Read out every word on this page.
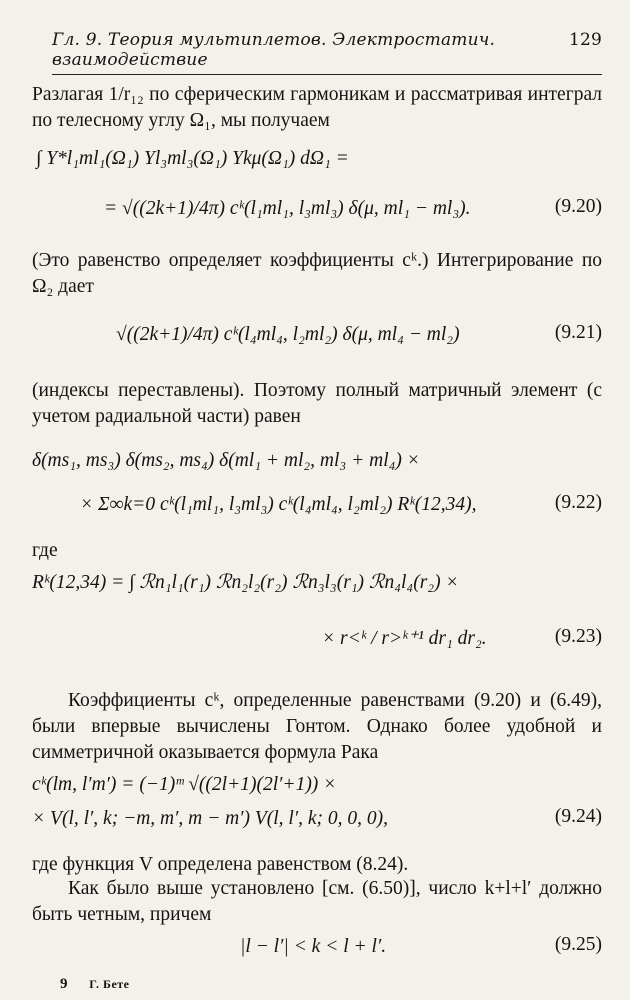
Гл. 9. Теория мультиплетов. Электростатич. взаимодействие
129
Разлагая 1/r₁₂ по сферическим гармоникам и рассматривая интеграл по телесному углу Ω₁, мы получаем
∫ Y*l₁ml₁(Ω₁) Yl₃ml₃(Ω₁) Ykμ(Ω₁) dΩ₁ =
= √((2k+1)/4π) cᵏ(l₁ml₁, l₃ml₃) δ(μ, ml₁ − ml₃).	(9.20)
(Это равенство определяет коэффициенты cᵏ.) Интегрирование по Ω₂ дает
√((2k+1)/4π) cᵏ(l₄ml₄, l₂ml₂) δ(μ, ml₄ − ml₂)	(9.21)
(индексы переставлены). Поэтому полный матричный элемент (с учетом радиальной части) равен
δ(ms₁, ms₃) δ(ms₂, ms₄) δ(ml₁ + ml₂, ml₃ + ml₄) ×
× Σ∞k=0 cᵏ(l₁ml₁, l₃ml₃) cᵏ(l₄ml₄, l₂ml₂) Rᵏ(12,34),	(9.22)
где
Rᵏ(12,34) = ∫ ℛn₁l₁(r₁) ℛn₂l₂(r₂) ℛn₃l₃(r₁) ℛn₄l₄(r₂) ×
× r<ᵏ / r>ᵏ⁺¹ dr₁ dr₂.	(9.23)
Коэффициенты cᵏ, определенные равенствами (9.20) и (6.49), были впервые вычислены Гонтом. Однако более удобной и симметричной оказывается формула Рака
cᵏ(lm, l′m′) = (−1)ᵐ √((2l+1)(2l′+1)) ×
× V(l, l′, k; −m, m′, m − m′) V(l, l′, k; 0, 0, 0),	(9.24)
где функция V определена равенством (8.24).
Как было выше установлено [см. (6.50)], число k+l+l′ должно быть четным, причем
|l − l′| < k < l + l′.	(9.25)
9 Г. Бете
